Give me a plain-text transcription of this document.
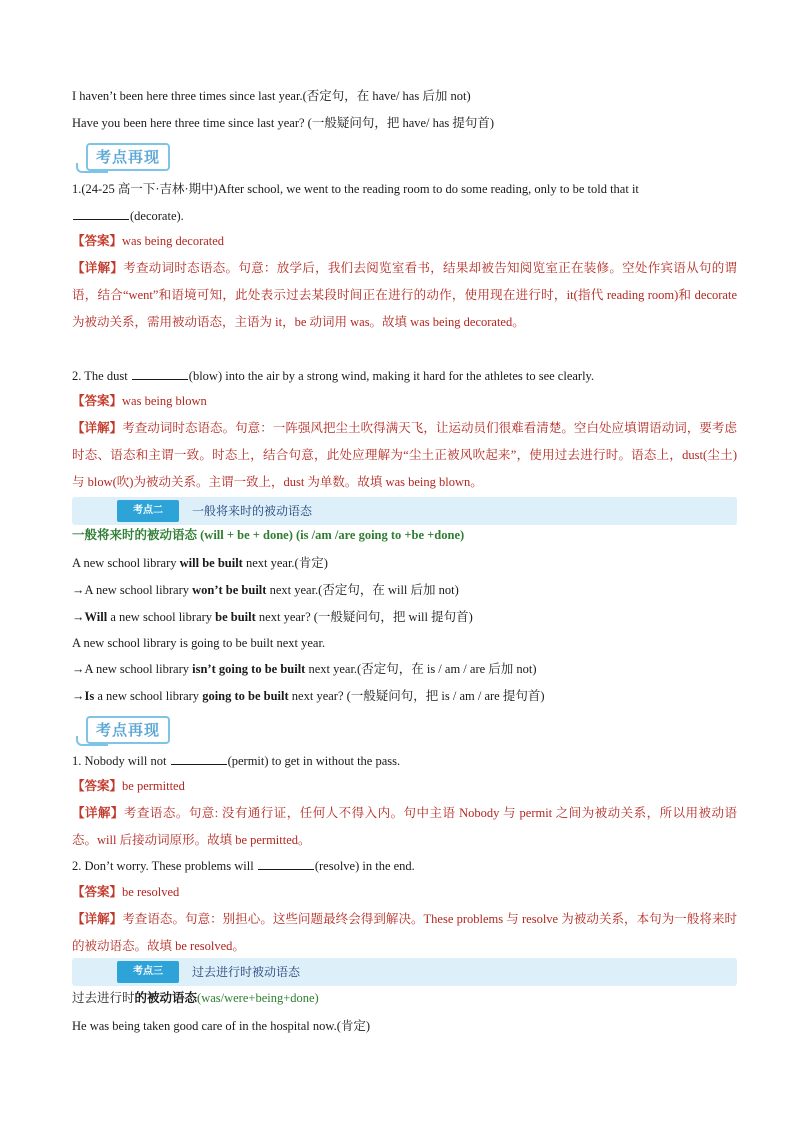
I haven’t been here three times since last year.(否定句，在 have/ has 后加 not)
Have you been here three time since last year? (一般疑问句，把 have/ has 提句首)
考点再现
1.(24-25 高一下·吉林·期中)After school, we went to the reading room to do some reading, only to be told that it
(decorate).
【答案】was being decorated
【详解】考查动词时态语态。句意：放学后，我们去阅览室看书，结果却被告知阅览室正在装修。空处作宾语从句的谓语，结合“went”和语境可知，此处表示过去某段时间正在进行的动作，使用现在进行时，it(指代 reading room)和 decorate 为被动关系，需用被动语态，主语为 it，be 动词用 was。故填 was being decorated。
2. The dust	(blow) into the air by a strong wind, making it hard for the athletes to see clearly.
【答案】was being blown
【详解】考查动词时态语态。句意：一阵强风把尘土吹得满天飞，让运动员们很难看清楚。空白处应填谓语动词，要考虑时态、语态和主谓一致。时态上，结合句意，此处应理解为“尘土正被风吹起来”，使用过去进行时。语态上，dust(尘土)与 blow(吹)为被动关系。主谓一致上，dust 为单数。故填 was being blown。
考点二	一般将来时的被动语态
一般将来时的被动语态 (will + be + done) (is /am /are going to +be +done)
A new school library will be built next year.(肯定)
→A new school library won’t be built next year.(否定句，在 will 后加 not)
→Will a new school library be built next year? (一般疑问句，把 will 提句首)
A new school library is going to be built next year.
→A new school library isn’t going to be built next year.(否定句，在 is / am / are 后加 not)
→Is a new school library going to be built next year? (一般疑问句，把 is / am / are 提句首)
考点再现
1. Nobody will not	(permit) to get in without the pass.
【答案】be permitted
【详解】考查语态。句意: 没有通行证，任何人不得入内。句中主语 Nobody 与 permit 之间为被动关系，所以用被动语态。will 后接动词原形。故填 be permitted。
2. Don’t worry. These problems will	(resolve) in the end.
【答案】be resolved
【详解】考查语态。句意：别担心。这些问题最终会得到解决。These problems 与 resolve 为被动关系，本句为一般将来时的被动语态。故填 be resolved。
考点三	过去进行时被动语态
过去进行时的被动语态(was/were+being+done)
He was being taken good care of in the hospital now.(肯定)
